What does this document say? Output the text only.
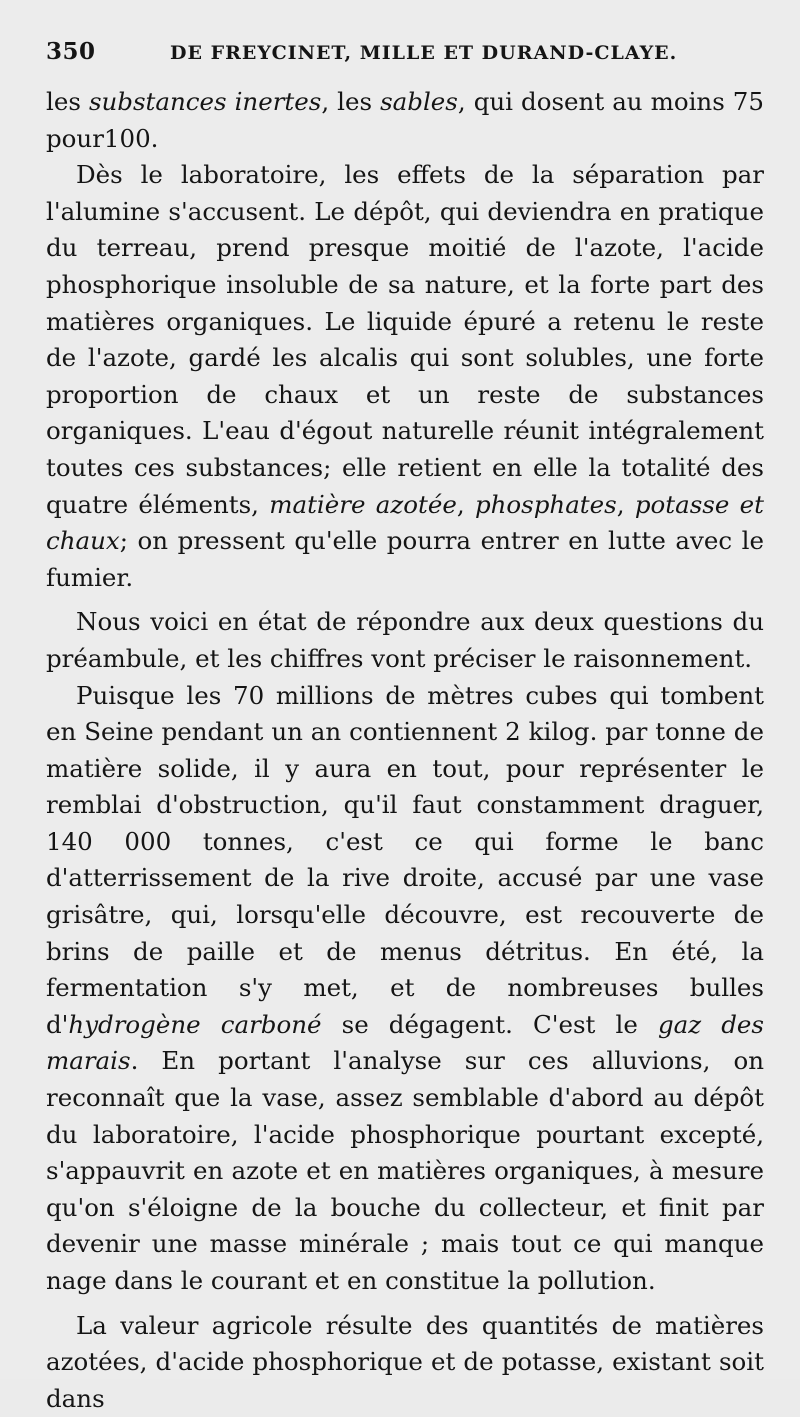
350	DE FREYCINET, MILLE ET DURAND-CLAYE.

les substances inertes, les sables, qui dosent au moins 75 pour100.

Dès le laboratoire, les effets de la séparation par l'alumine s'accusent. Le dépôt, qui deviendra en pratique du terreau, prend presque moitié de l'azote, l'acide phosphorique insoluble de sa nature, et la forte part des matières organiques. Le liquide épuré a retenu le reste de l'azote, gardé les alcalis qui sont solubles, une forte proportion de chaux et un reste de substances organiques. L'eau d'égout naturelle réunit intégralement toutes ces substances; elle retient en elle la totalité des quatre éléments, matière azotée, phosphates, potasse et chaux; on pressent qu'elle pourra entrer en lutte avec le fumier.

Nous voici en état de répondre aux deux questions du préambule, et les chiffres vont préciser le raisonnement.

Puisque les 70 millions de mètres cubes qui tombent en Seine pendant un an contiennent 2 kilog. par tonne de matière solide, il y aura en tout, pour représenter le remblai d'obstruction, qu'il faut constamment draguer, 140 000 tonnes, c'est ce qui forme le banc d'atterrissement de la rive droite, accusé par une vase grisâtre, qui, lorsqu'elle découvre, est recouverte de brins de paille et de menus détritus. En été, la fermentation s'y met, et de nombreuses bulles d'hydrogène carboné se dégagent. C'est le gaz des marais. En portant l'analyse sur ces alluvions, on reconnaît que la vase, assez semblable d'abord au dépôt du laboratoire, l'acide phosphorique pourtant excepté, s'appauvrit en azote et en matières organiques, à mesure qu'on s'éloigne de la bouche du collecteur, et finit par devenir une masse minérale ; mais tout ce qui manque nage dans le courant et en constitue la pollution.

La valeur agricole résulte des quantités de matières azotées, d'acide phosphorique et de potasse, existant soit dans
